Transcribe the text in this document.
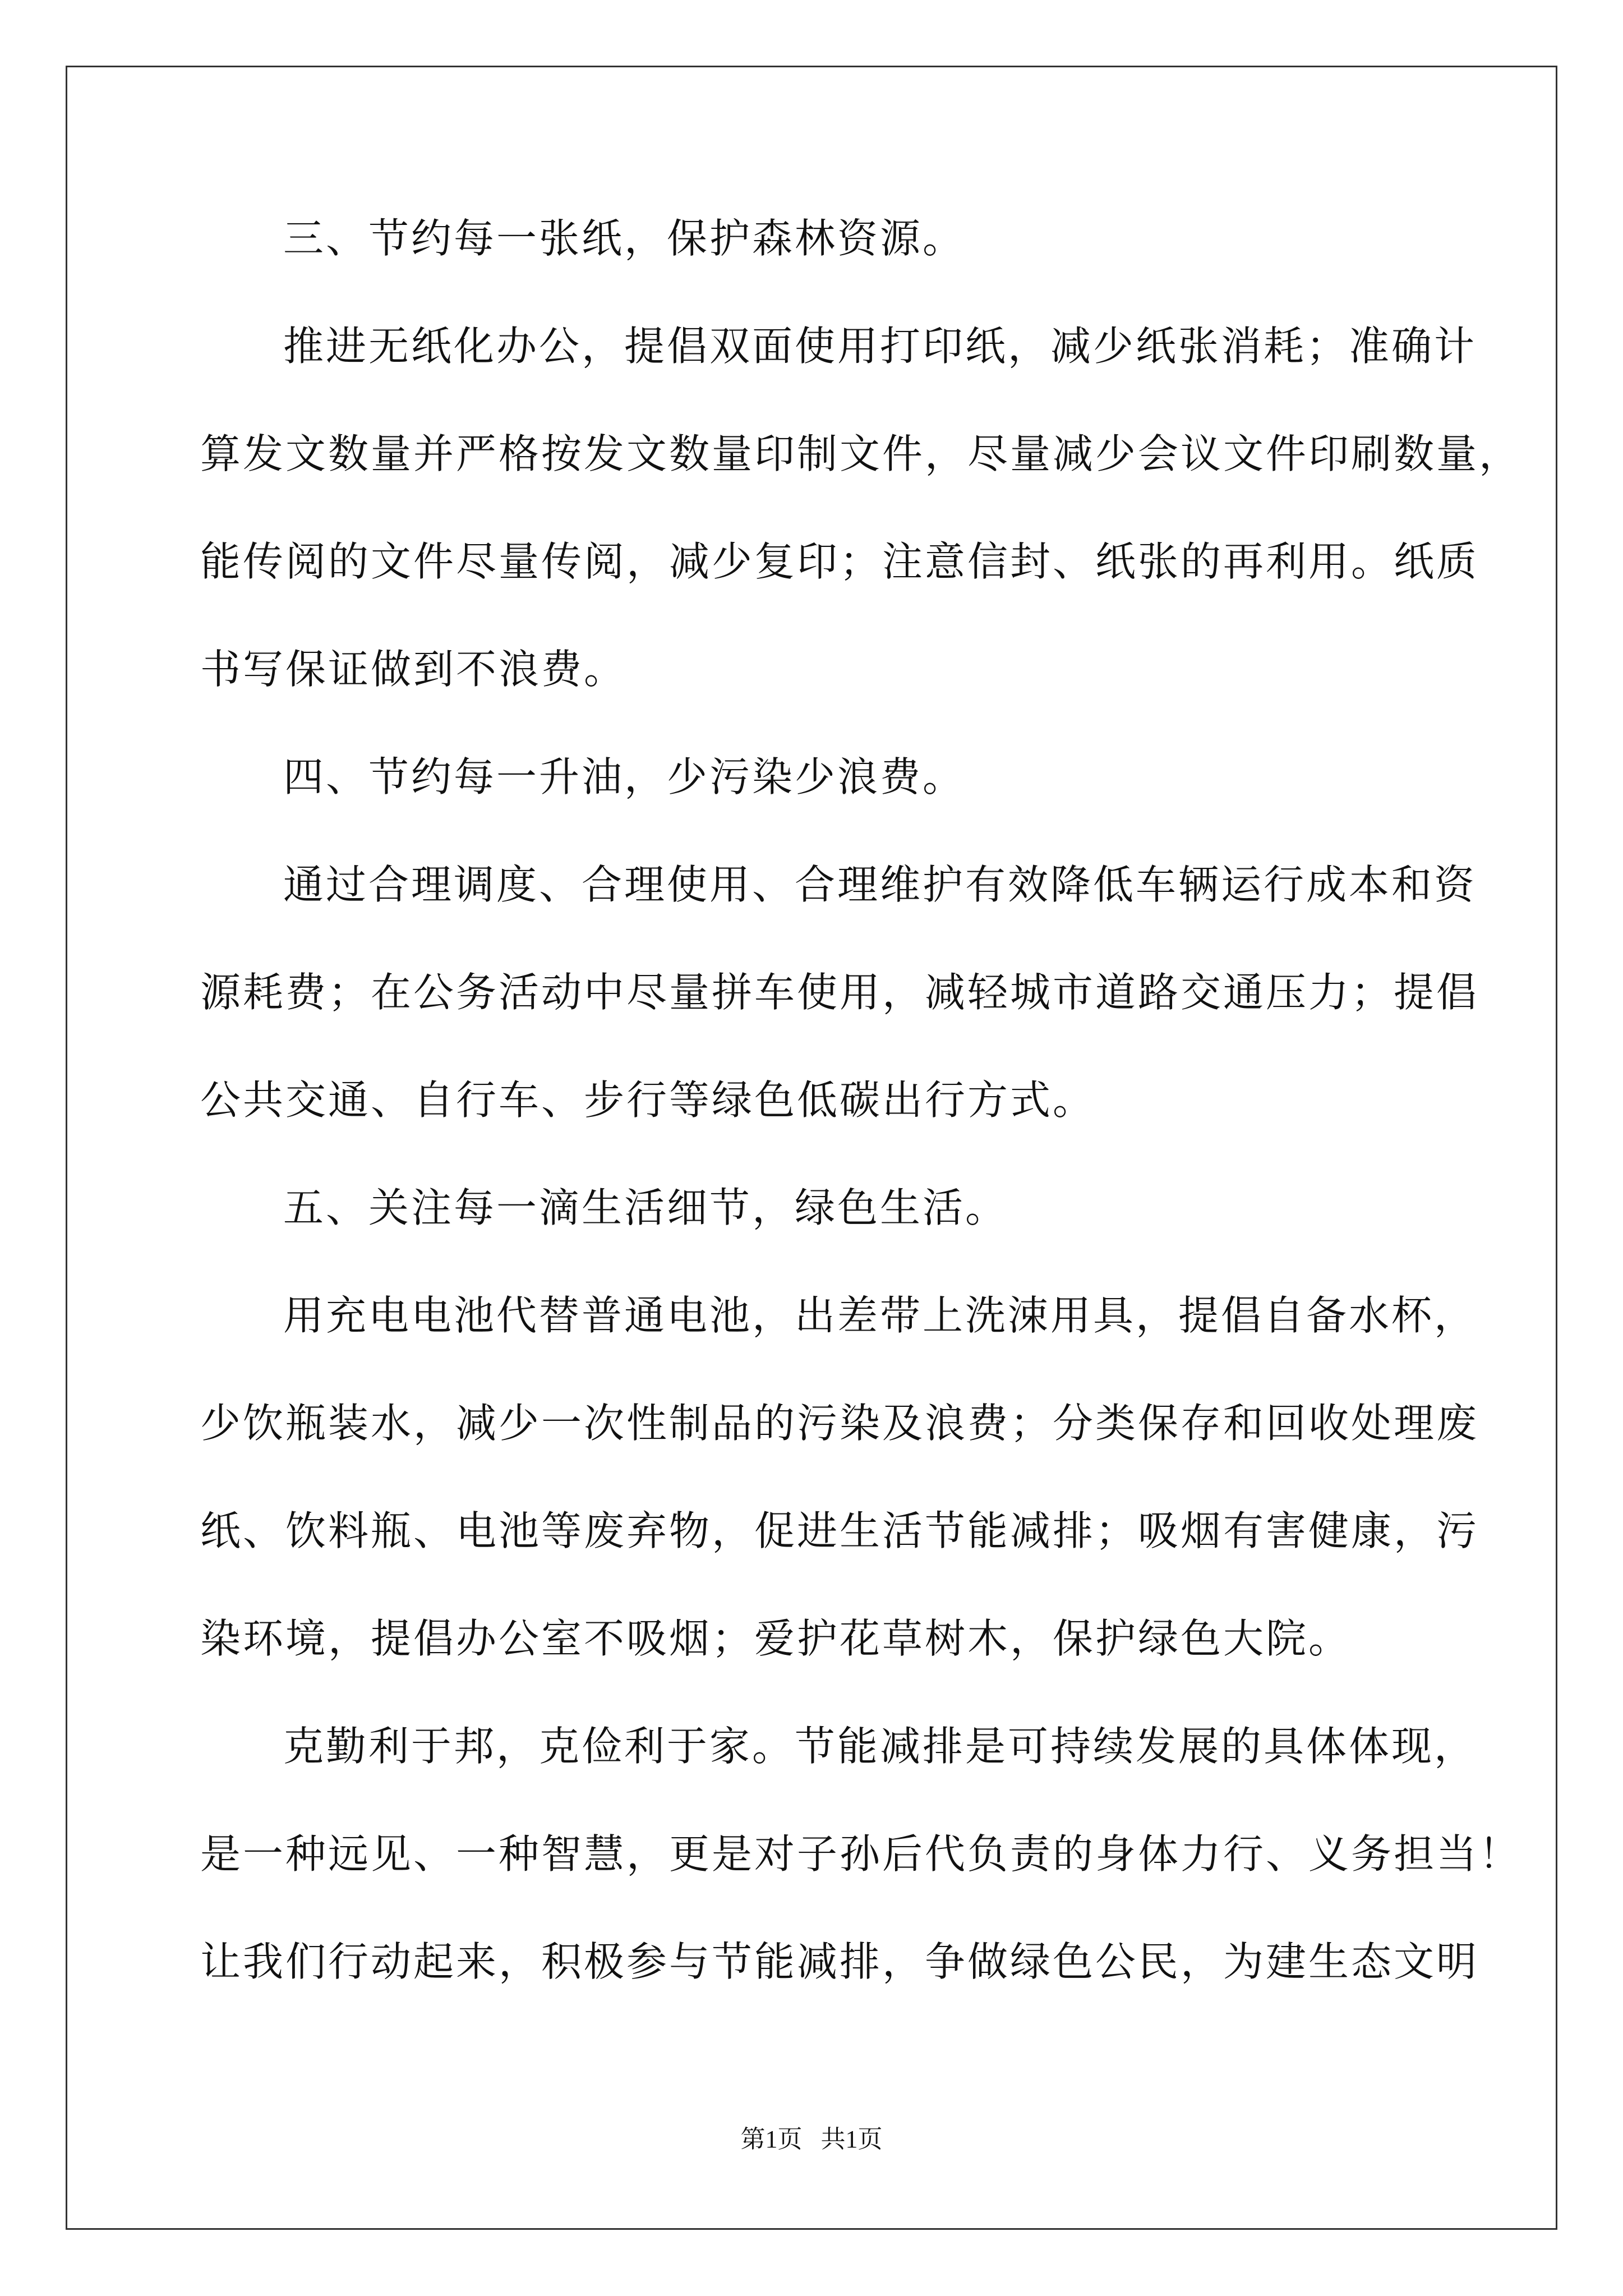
三、节约每一张纸，保护森林资源。
推进无纸化办公，提倡双面使用打印纸，减少纸张消耗；准确计
算发文数量并严格按发文数量印制文件，尽量减少会议文件印刷数量，
能传阅的文件尽量传阅，减少复印；注意信封、纸张的再利用。纸质
书写保证做到不浪费。
四、节约每一升油，少污染少浪费。
通过合理调度、合理使用、合理维护有效降低车辆运行成本和资
源耗费；在公务活动中尽量拼车使用，减轻城市道路交通压力；提倡
公共交通、自行车、步行等绿色低碳出行方式。
五、关注每一滴生活细节，绿色生活。
用充电电池代替普通电池，出差带上洗涑用具，提倡自备水杯，
少饮瓶装水，减少一次性制品的污染及浪费；分类保存和回收处理废
纸、饮料瓶、电池等废弃物，促进生活节能减排；吸烟有害健康，污
染环境，提倡办公室不吸烟；爱护花草树木，保护绿色大院。
克勤利于邦，克俭利于家。节能减排是可持续发展的具体体现，
是一种远见、一种智慧，更是对子孙后代负责的身体力行、义务担当！
让我们行动起来，积极参与节能减排，争做绿色公民，为建生态文明
第1页   共1页
